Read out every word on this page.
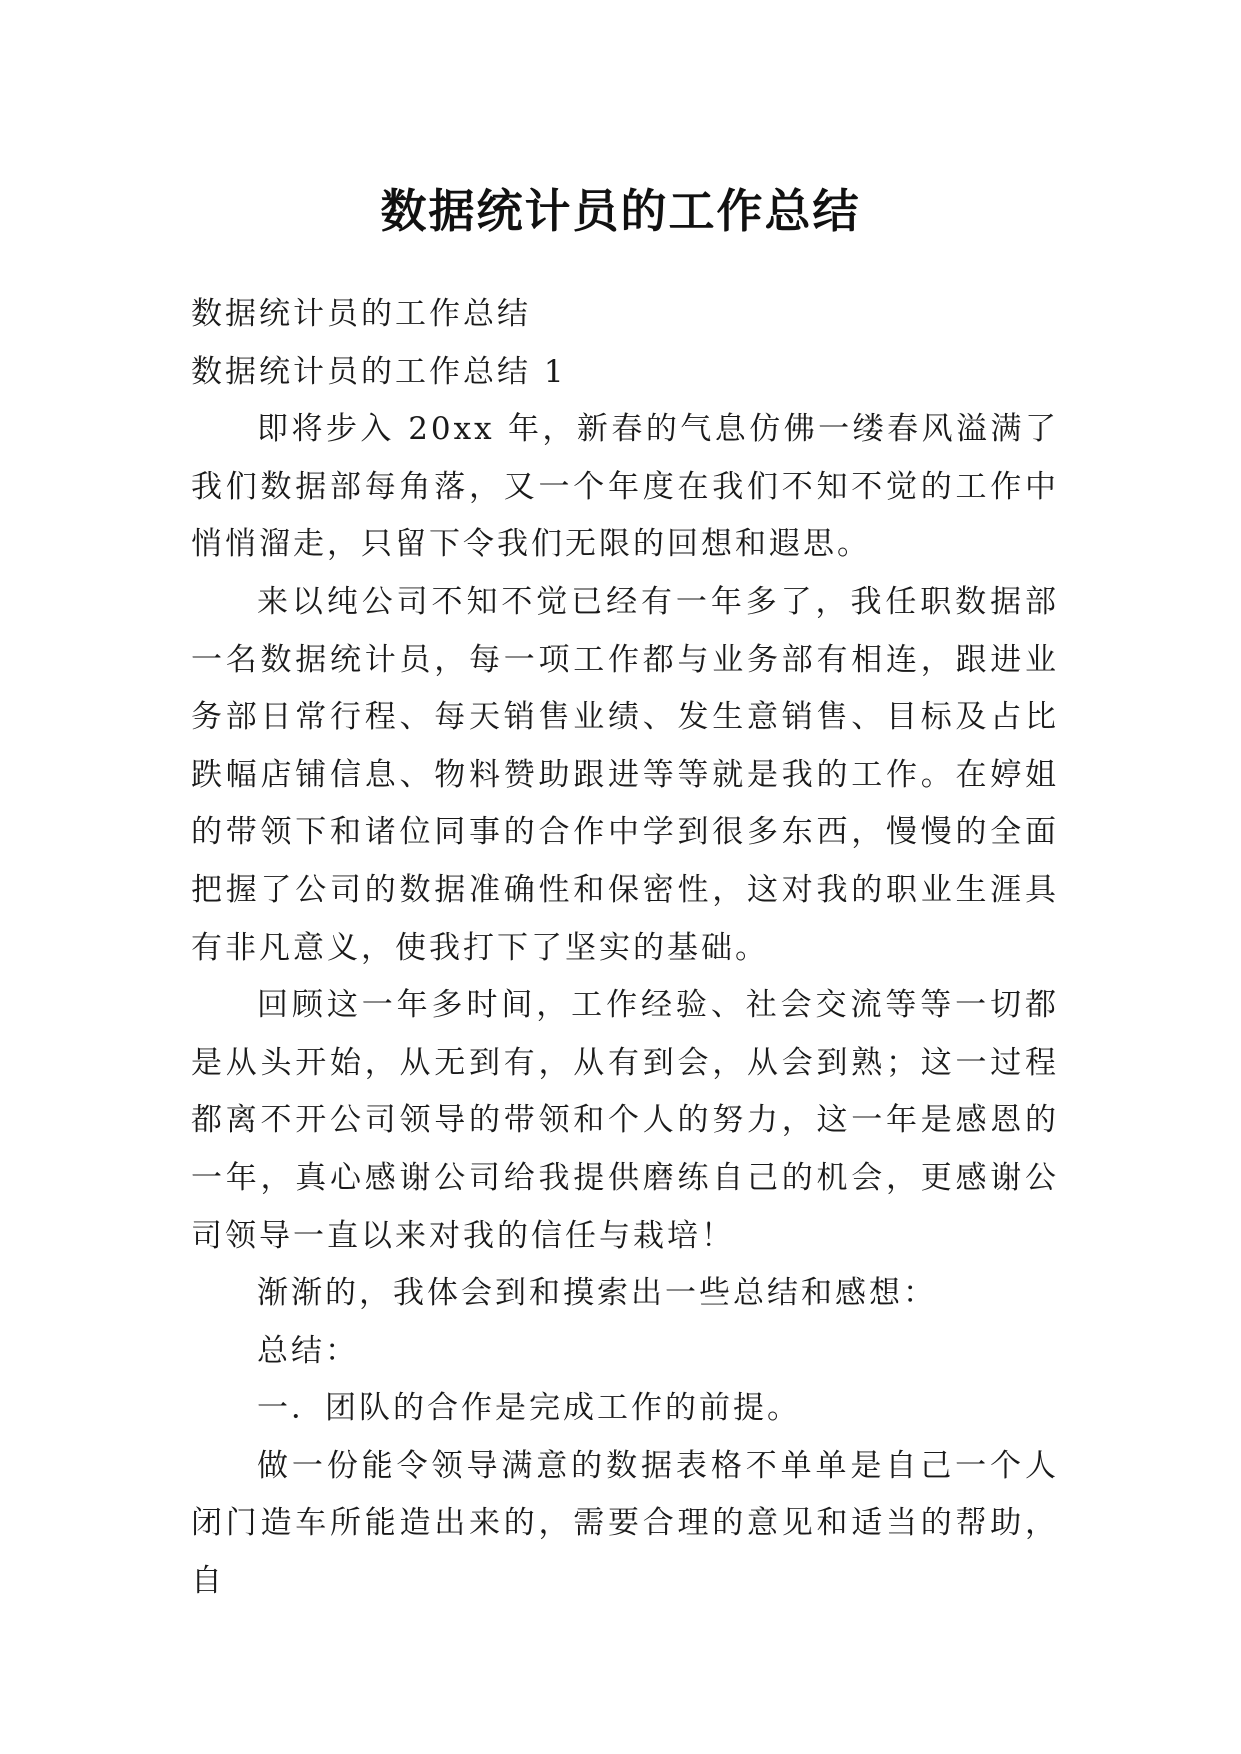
数据统计员的工作总结

数据统计员的工作总结

数据统计员的工作总结 1

即将步入 20xx 年，新春的气息仿佛一缕春风溢满了我们数据部每角落，又一个年度在我们不知不觉的工作中悄悄溜走，只留下令我们无限的回想和遐思。

来以纯公司不知不觉已经有一年多了，我任职数据部一名数据统计员，每一项工作都与业务部有相连，跟进业务部日常行程、每天销售业绩、发生意销售、目标及占比跌幅店铺信息、物料赞助跟进等等就是我的工作。在婷姐的带领下和诸位同事的合作中学到很多东西，慢慢的全面把握了公司的数据准确性和保密性，这对我的职业生涯具有非凡意义，使我打下了坚实的基础。

回顾这一年多时间，工作经验、社会交流等等一切都是从头开始，从无到有，从有到会，从会到熟；这一过程都离不开公司领导的带领和个人的努力，这一年是感恩的一年，真心感谢公司给我提供磨练自己的机会，更感谢公司领导一直以来对我的信任与栽培！

渐渐的，我体会到和摸索出一些总结和感想：

总结：

一．团队的合作是完成工作的前提。

做一份能令领导满意的数据表格不单单是自己一个人闭门造车所能造出来的，需要合理的意见和适当的帮助，自
